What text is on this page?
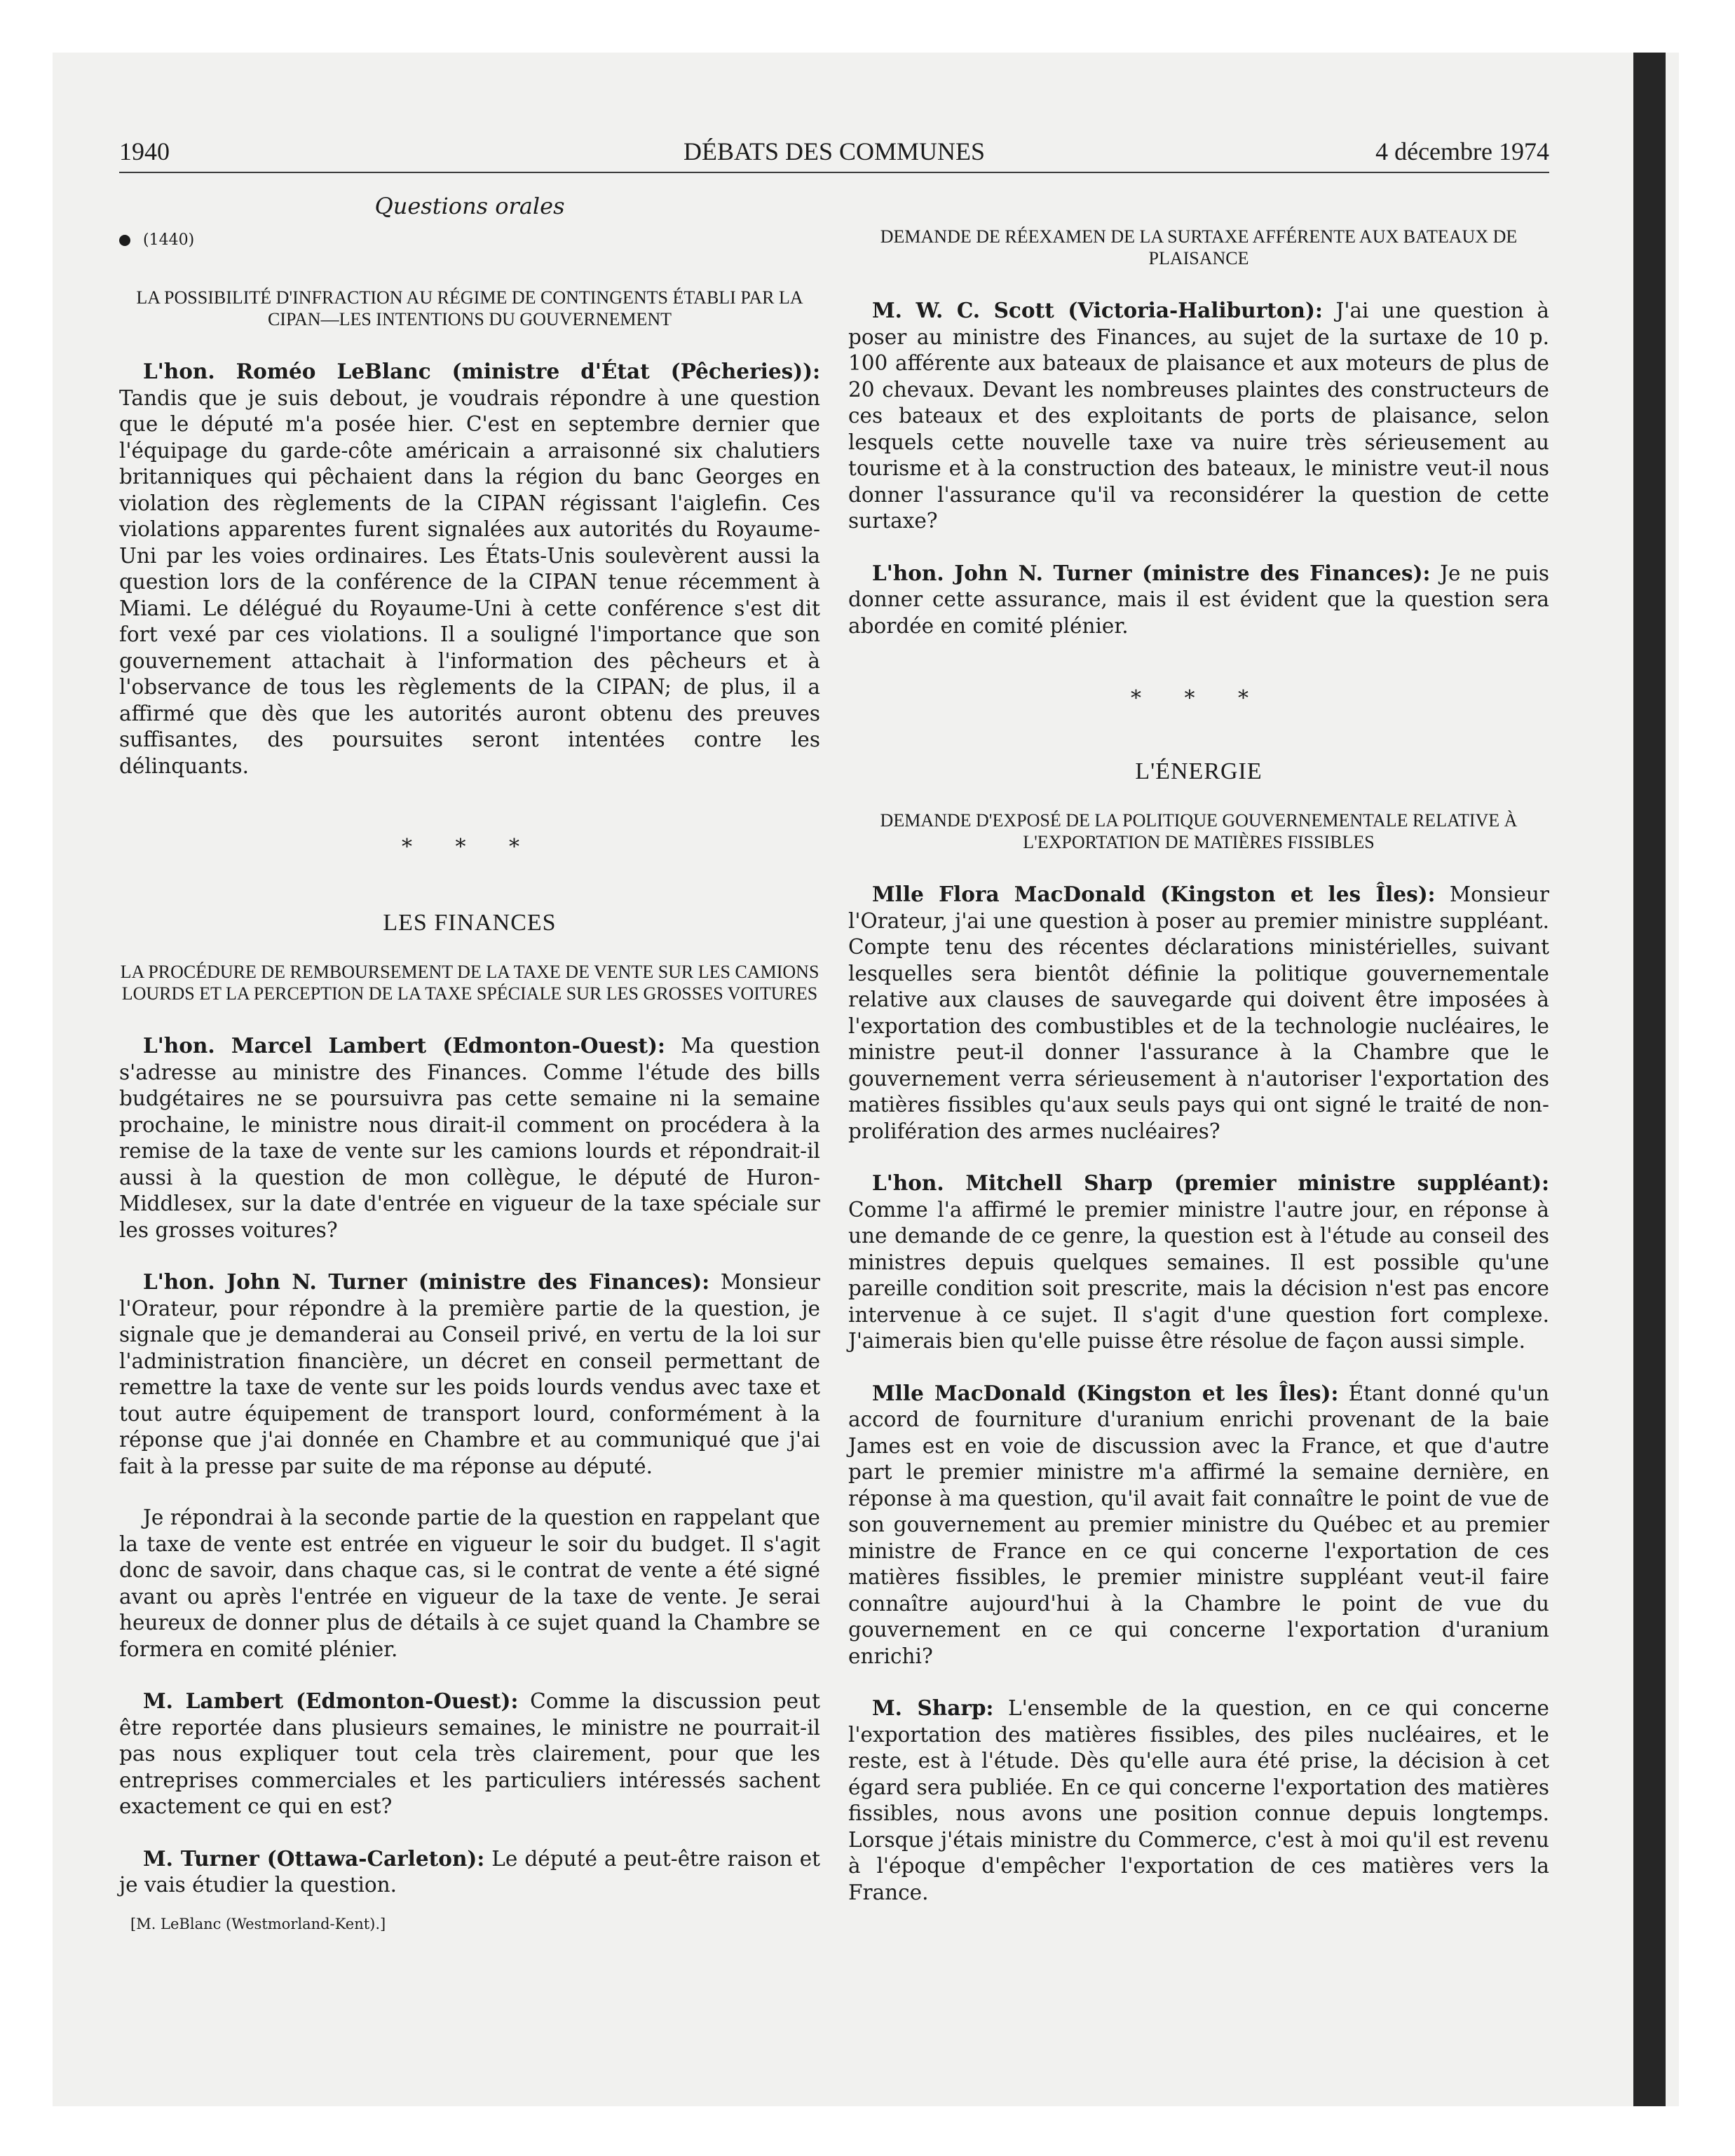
1940	DÉBATS DES COMMUNES	4 décembre 1974

Questions orales

(1440)

LA POSSIBILITÉ D'INFRACTION AU RÉGIME DE CONTINGENTS ÉTABLI PAR LA CIPAN—LES INTENTIONS DU GOUVERNEMENT

L'hon. Roméo LeBlanc (ministre d'État (Pêcheries)): Tandis que je suis debout, je voudrais répondre à une question que le député m'a posée hier. C'est en septembre dernier que l'équipage du garde-côte américain a arraisonné six chalutiers britanniques qui pêchaient dans la région du banc Georges en violation des règlements de la CIPAN régissant l'aiglefin. Ces violations apparentes furent signalées aux autorités du Royaume-Uni par les voies ordinaires. Les États-Unis soulevèrent aussi la question lors de la conférence de la CIPAN tenue récemment à Miami. Le délégué du Royaume-Uni à cette conférence s'est dit fort vexé par ces violations. Il a souligné l'importance que son gouvernement attachait à l'information des pêcheurs et à l'observance de tous les règlements de la CIPAN; de plus, il a affirmé que dès que les autorités auront obtenu des preuves suffisantes, des poursuites seront intentées contre les délinquants.

* * *

LES FINANCES

LA PROCÉDURE DE REMBOURSEMENT DE LA TAXE DE VENTE SUR LES CAMIONS LOURDS ET LA PERCEPTION DE LA TAXE SPÉCIALE SUR LES GROSSES VOITURES

L'hon. Marcel Lambert (Edmonton-Ouest): Ma question s'adresse au ministre des Finances. Comme l'étude des bills budgétaires ne se poursuivra pas cette semaine ni la semaine prochaine, le ministre nous dirait-il comment on procédera à la remise de la taxe de vente sur les camions lourds et répondrait-il aussi à la question de mon collègue, le député de Huron-Middlesex, sur la date d'entrée en vigueur de la taxe spéciale sur les grosses voitures?

L'hon. John N. Turner (ministre des Finances): Monsieur l'Orateur, pour répondre à la première partie de la question, je signale que je demanderai au Conseil privé, en vertu de la loi sur l'administration financière, un décret en conseil permettant de remettre la taxe de vente sur les poids lourds vendus avec taxe et tout autre équipement de transport lourd, conformément à la réponse que j'ai donnée en Chambre et au communiqué que j'ai fait à la presse par suite de ma réponse au député.

Je répondrai à la seconde partie de la question en rappelant que la taxe de vente est entrée en vigueur le soir du budget. Il s'agit donc de savoir, dans chaque cas, si le contrat de vente a été signé avant ou après l'entrée en vigueur de la taxe de vente. Je serai heureux de donner plus de détails à ce sujet quand la Chambre se formera en comité plénier.

M. Lambert (Edmonton-Ouest): Comme la discussion peut être reportée dans plusieurs semaines, le ministre ne pourrait-il pas nous expliquer tout cela très clairement, pour que les entreprises commerciales et les particuliers intéressés sachent exactement ce qui en est?

M. Turner (Ottawa-Carleton): Le député a peut-être raison et je vais étudier la question.

[M. LeBlanc (Westmorland-Kent).]

DEMANDE DE RÉEXAMEN DE LA SURTAXE AFFÉRENTE AUX BATEAUX DE PLAISANCE

M. W. C. Scott (Victoria-Haliburton): J'ai une question à poser au ministre des Finances, au sujet de la surtaxe de 10 p. 100 afférente aux bateaux de plaisance et aux moteurs de plus de 20 chevaux. Devant les nombreuses plaintes des constructeurs de ces bateaux et des exploitants de ports de plaisance, selon lesquels cette nouvelle taxe va nuire très sérieusement au tourisme et à la construction des bateaux, le ministre veut-il nous donner l'assurance qu'il va reconsidérer la question de cette surtaxe?

L'hon. John N. Turner (ministre des Finances): Je ne puis donner cette assurance, mais il est évident que la question sera abordée en comité plénier.

* * *

L'ÉNERGIE

DEMANDE D'EXPOSÉ DE LA POLITIQUE GOUVERNEMENTALE RELATIVE À L'EXPORTATION DE MATIÈRES FISSIBLES

Mlle Flora MacDonald (Kingston et les Îles): Monsieur l'Orateur, j'ai une question à poser au premier ministre suppléant. Compte tenu des récentes déclarations ministérielles, suivant lesquelles sera bientôt définie la politique gouvernementale relative aux clauses de sauvegarde qui doivent être imposées à l'exportation des combustibles et de la technologie nucléaires, le ministre peut-il donner l'assurance à la Chambre que le gouvernement verra sérieusement à n'autoriser l'exportation des matières fissibles qu'aux seuls pays qui ont signé le traité de non-prolifération des armes nucléaires?

L'hon. Mitchell Sharp (premier ministre suppléant): Comme l'a affirmé le premier ministre l'autre jour, en réponse à une demande de ce genre, la question est à l'étude au conseil des ministres depuis quelques semaines. Il est possible qu'une pareille condition soit prescrite, mais la décision n'est pas encore intervenue à ce sujet. Il s'agit d'une question fort complexe. J'aimerais bien qu'elle puisse être résolue de façon aussi simple.

Mlle MacDonald (Kingston et les Îles): Étant donné qu'un accord de fourniture d'uranium enrichi provenant de la baie James est en voie de discussion avec la France, et que d'autre part le premier ministre m'a affirmé la semaine dernière, en réponse à ma question, qu'il avait fait connaître le point de vue de son gouvernement au premier ministre du Québec et au premier ministre de France en ce qui concerne l'exportation de ces matières fissibles, le premier ministre suppléant veut-il faire connaître aujourd'hui à la Chambre le point de vue du gouvernement en ce qui concerne l'exportation d'uranium enrichi?

M. Sharp: L'ensemble de la question, en ce qui concerne l'exportation des matières fissibles, des piles nucléaires, et le reste, est à l'étude. Dès qu'elle aura été prise, la décision à cet égard sera publiée. En ce qui concerne l'exportation des matières fissibles, nous avons une position connue depuis longtemps. Lorsque j'étais ministre du Commerce, c'est à moi qu'il est revenu à l'époque d'empêcher l'exportation de ces matières vers la France.
